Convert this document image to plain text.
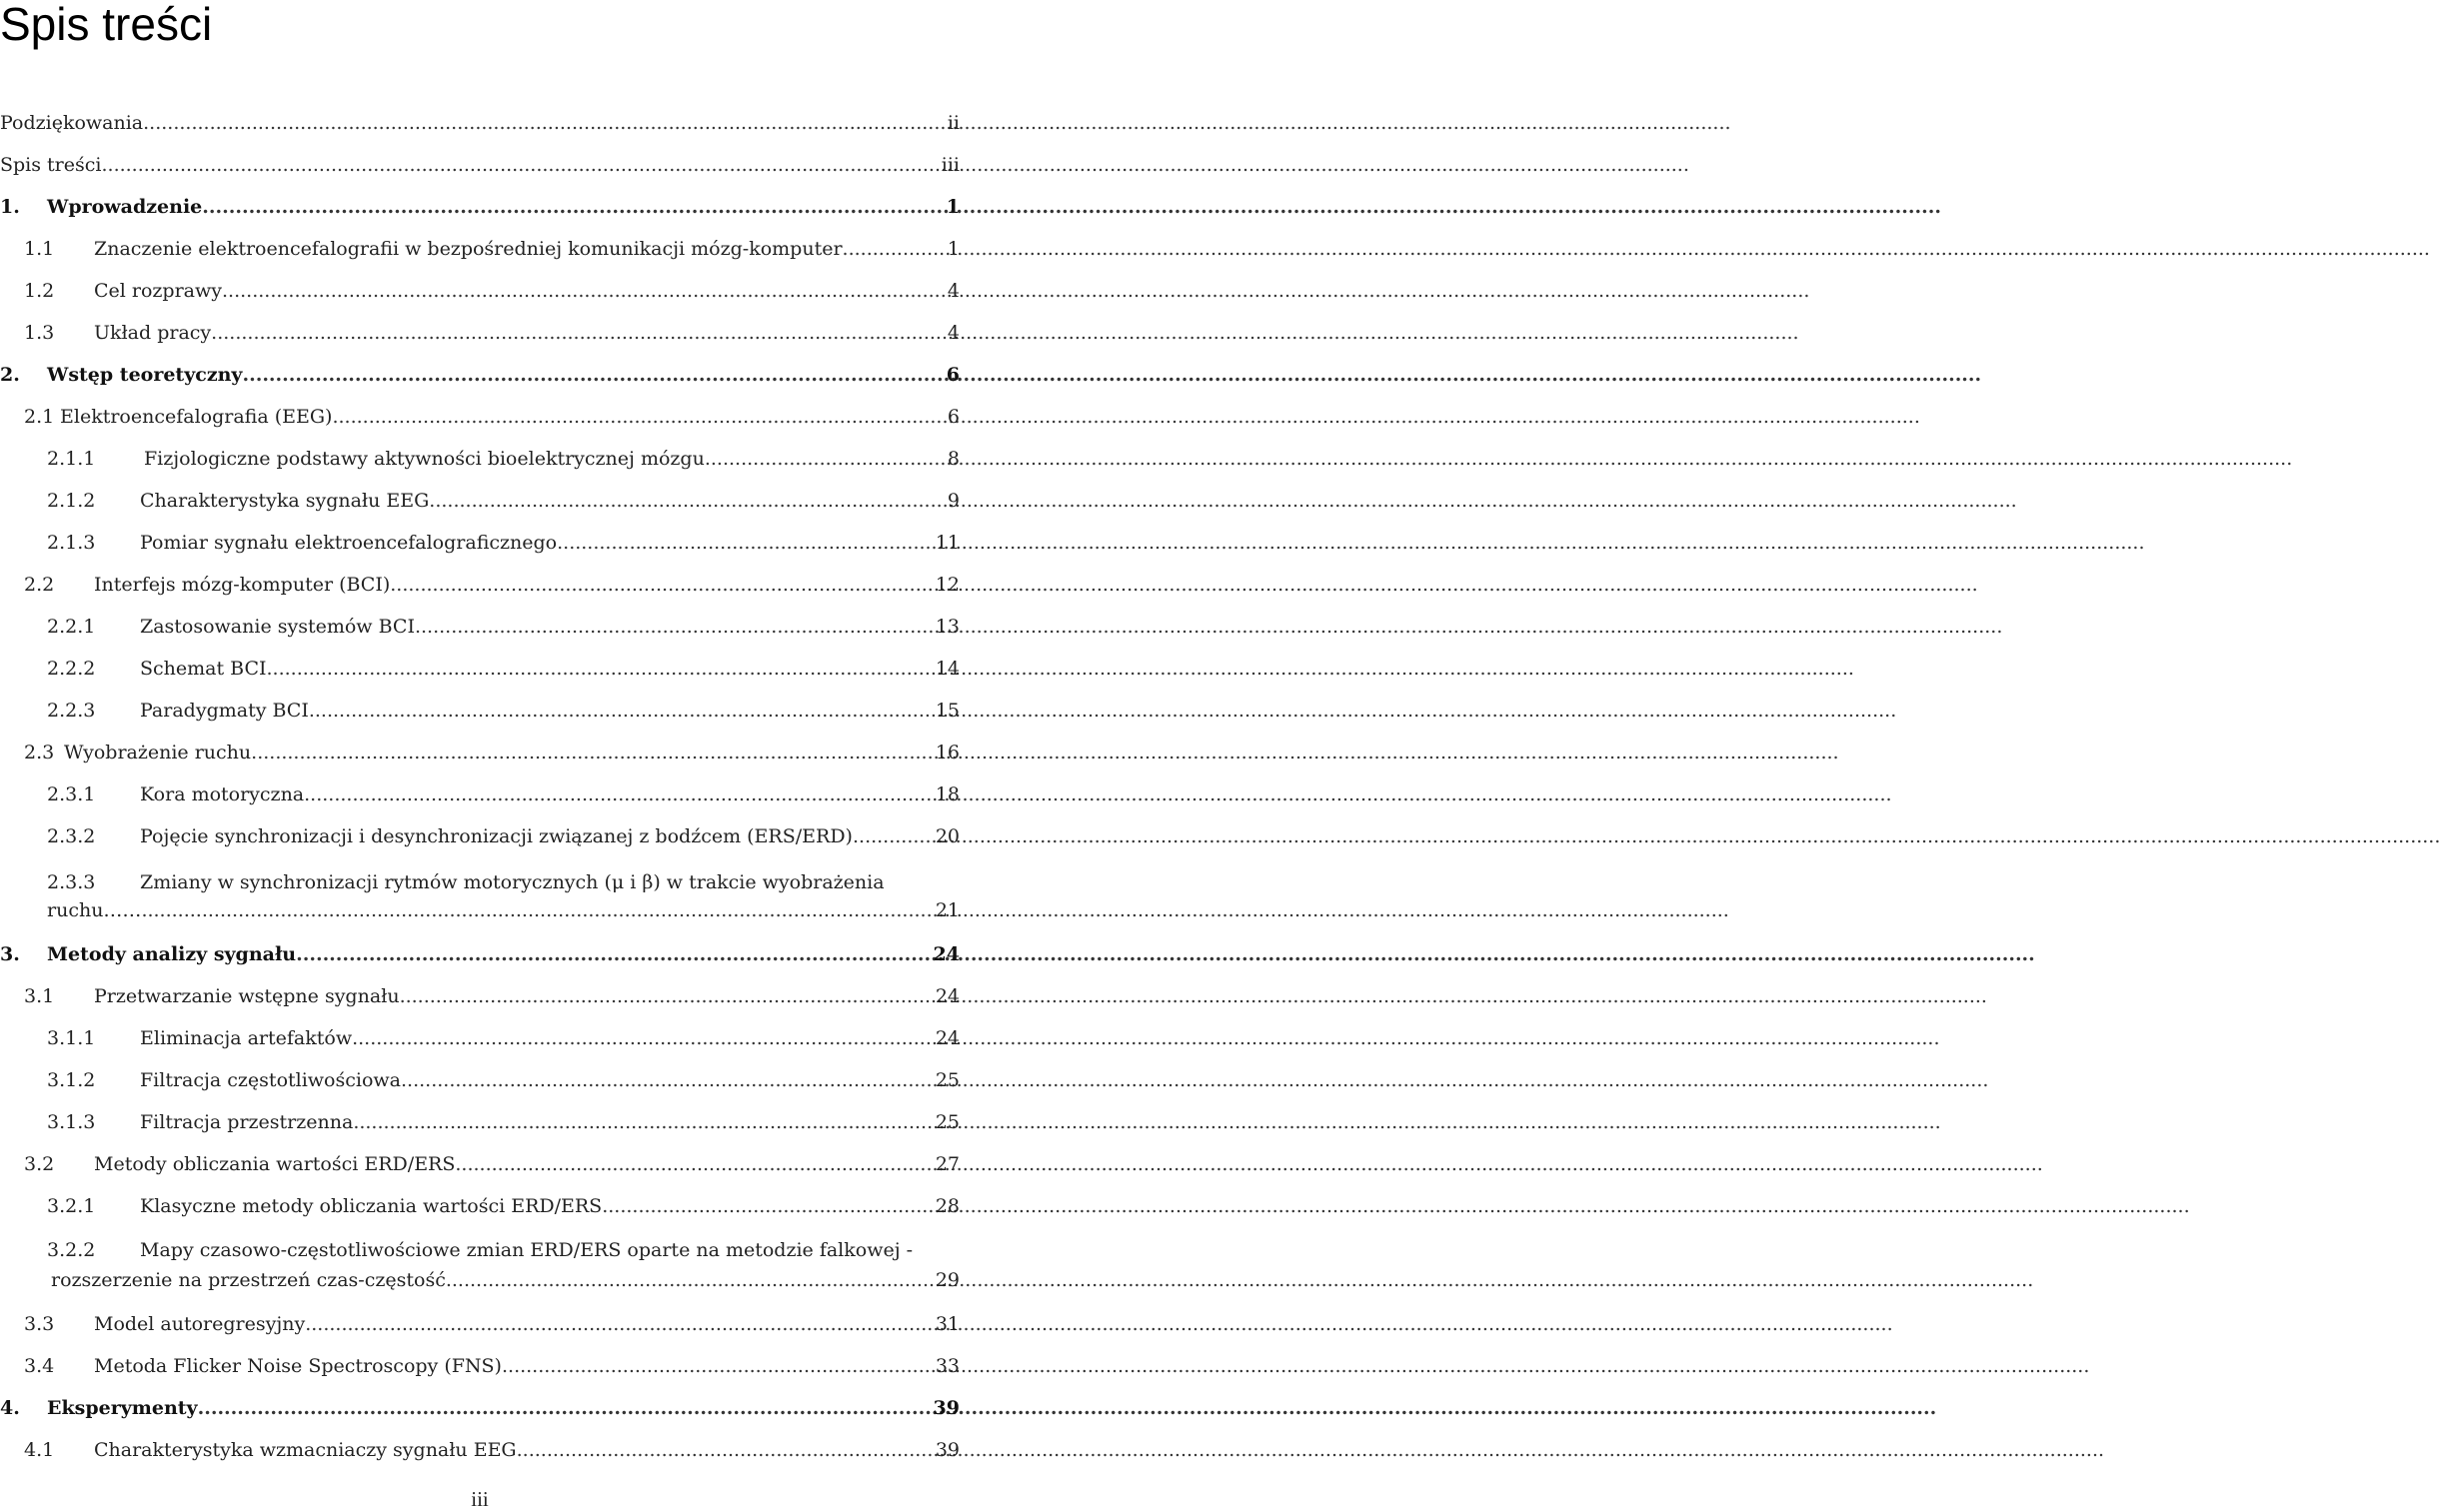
Spis treści
Podziękowania .....	ii
Spis treści .....	iii
1.	Wprowadzenie .....	1
1.1	Znaczenie elektroencefalografii w bezpośredniej komunikacji mózg-komputer .....	1
1.2	Cel rozprawy .....	4
1.3	Układ pracy .....	4
2.	Wstęp teoretyczny .....	6
2.1 Elektroencefalografia (EEG) .....	6
2.1.1	Fizjologiczne podstawy aktywności bioelektrycznej mózgu .....	8
2.1.2	Charakterystyka sygnału EEG .....	9
2.1.3	Pomiar sygnału elektroencefalograficznego .....	11
2.2	Interfejs mózg-komputer (BCI) .....	12
2.2.1	Zastosowanie systemów BCI .....	13
2.2.2	Schemat BCI .....	14
2.2.3	Paradygmaty BCI .....	15
2.3 Wyobrażenie ruchu .....	16
2.3.1	Kora motoryczna .....	18
2.3.2	Pojęcie synchronizacji i desynchronizacji związanej z bodźcem (ERS/ERD) .....	20
2.3.3 Zmiany w synchronizacji rytmów motorycznych (μ i β) w trakcie wyobrażenia
ruchu…… .....	21
3.	Metody analizy sygnału .....	24
3.1	Przetwarzanie wstępne sygnału .....	24
3.1.1	Eliminacja artefaktów .....	24
3.1.2	Filtracja częstotliwościowa .....	25
3.1.3	Filtracja przestrzenna .....	25
3.2	Metody obliczania wartości ERD/ERS .....	27
3.2.1	Klasyczne metody obliczania wartości ERD/ERS .....	28
3.2.2 Mapy czasowo-częstotliwościowe zmian ERD/ERS oparte na metodzie falkowej -
rozszerzenie na przestrzeń czas-częstość .....	29
3.3	Model autoregresyjny .....	31
3.4	Metoda Flicker Noise Spectroscopy (FNS) .....	33
4.	Eksperymenty .....	39
4.1	Charakterystyka wzmacniaczy sygnału EEG .....	39
iii
